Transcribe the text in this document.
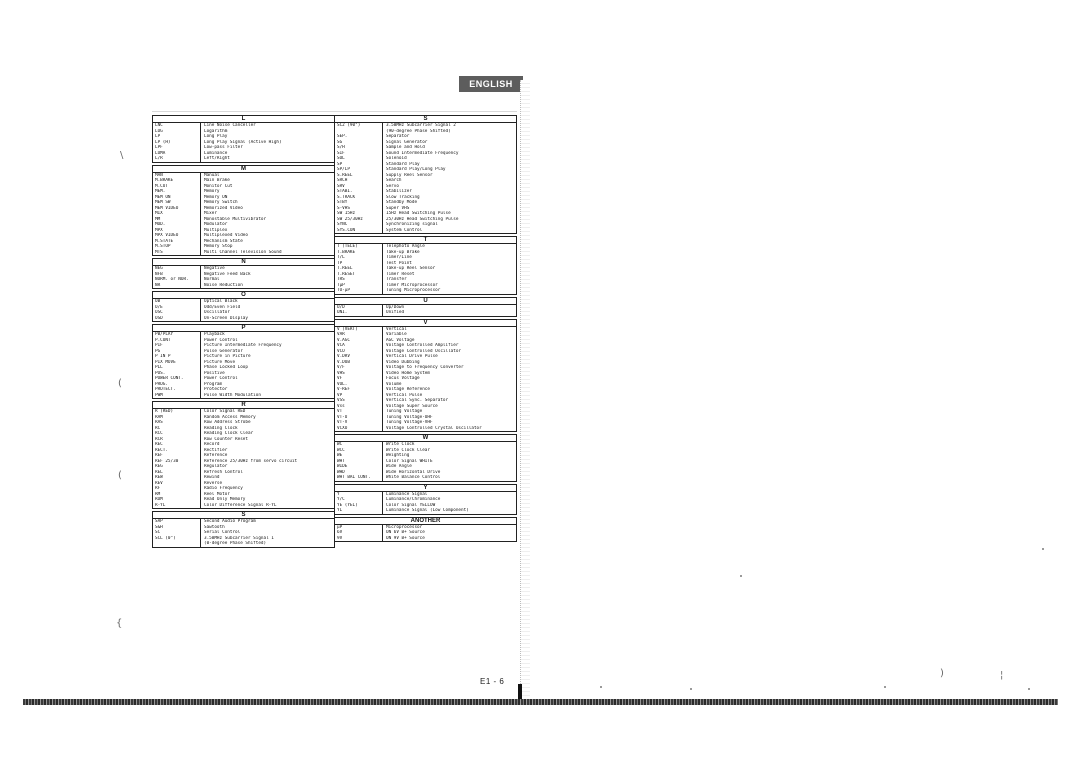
ENGLISH
L
LNC	Line Noise Canceller
LOG	Logarithm
LP	Long Play
LP (H)	Long Play Signal (Active High)
LPF	Low-pass Filter
LUMA	Luminance
L/R	Left/Right
M
MAN	Manual
M.BRAKE	Main Brake
M.CUT	Monitor Cut
MEM.	Memory
MEM ON	Memory ON
MEM SW	Memory Switch
MEM VIDEO	Memorized Video
MIX	Mixer
MM	Monostable Multivibrator
MOD.	Modulator
MPX	Multiplex
MPX VIDEO	Multiplexed Video
M.STATE	Mechanism State
M.STOP	Memory Stop
MTS	Multi Channel Television Sound
N
NEG	Negative
NFB	Negative Feed Back
NORM. or NOR.	Normal
NR	Noise Reduction
O
OB	Optical Black
O/E	Odd/Even Field
OSC	Oscillator
OSD	On-Screen Display
P
PB/PLAY	Playback
P.CONT	Power Control
PIF	Picture Intermediate Frequency
PG	Pulse Generator
P IN P	Picture in Picture
PIX MOVE	Picture Move
PLL	Phase Locked Loop
POS.	Positive
POWER CONT.	Power Control
PROG.	Program
PROTECT.	Protector
PWM	Pulse Width Modulation
R
R (RED)	Color Signal RED
RAM	Random Access Memory
RAS	Row Address Strobe
RC	Reading Clock
RCC	Reading Clock Clear
RCR	Row Counter Reset
REC	Record
RECT.	Rectifier
REF	Reference
REF 25/30	Reference 25/30Hz from servo circuit
REG	Regulator
REL	Refresh Control
REW	Rewind
REV	Reverse
RF	Radio Frequency
RM	Reel Motor
ROM	Read Only Memory
R-YL	Color Difference Signal R-YL
S
SAP	Second Audio Program
S&H	Sawtooth
SC	Serial Control
SCL (0°)	3.58MHz Subcarrier Signal 1
(0-degree Phase Shifted)
S
SC2 (90°)	3.58MHz Subcarrier Signal 2
(90-degree Phase Shifted)
SEP.	Separator
SG	Signal Generator
S/H	Sample and Hold
SIF	Sound Intermediate Frequency
SOL	Solenoid
SP	Standard Play
SP/LP	Standard Play/Long Play
S.REEL	Supply Reel Sensor
SRCH	Search
SRV	Servo
STABI.	Stabilizer
S.TRACK	Slow Tracking
STBY	Standby Mode
S-VHS	Super VHS
SW 15Hz	15Hz Head Switching Pulse
SW 25/30Hz	25/30Hz Head Switching Pulse
SYNC	Synchronizing signal
SYS.CON	System Control
T
T (TELE)	Telephoto Angle
T.BRAKE	Take-up Brake
T/L	Timer/Line
TP	Test Point
T.REEL	Take-up Reel Sensor
T.RESET	Timer Reset
TRS	Transfer
TµP	Timer Microprocessor
TU-µP	Tuning Microprocessor
U
U/D	Up/Down
UNI.	Unified
V
V (VERT)	Vertical
VAR	Variable
V.AGC	AGC Voltage
VCA	Voltage Controlled Amplifier
VCO	Voltage Controlled Oscillator
V.DRV	Vertical Drive Pulse
V.DUB	Video Dubbing
V/F	Voltage to Frequency Converter
VHS	Video Home System
VF	Focus Voltage
VOL.	Volume
V-REF	Voltage Reference
VP	Vertical Pulse
VSS	Vertical Sync. Separator
Vss	Voltage Super Source
VT	Tuning Voltage
VT-U	Tuning Voltage-UHF
VT-V	Tuning Voltage-VHF
VCXO	Voltage Controlled Crystal Oscillator
W
WC	Write Clock
WCC	Write Clock Clear
WE	Weighting
WHT	Color Signal WHITE
WIDE	Wide Angle
WHD	Wide Horizontal Drive
WHT BAL CONT.	White Balance Control
Y
Y	Luminance Signal
Y/C	Luminance/Chrominance
YE (YEL)	Color Signal YELLOW
YL	Luminance Signal (Low Component)
ANOTHER
µP	Microprocessor
6V	ON 6V B+ Source
9V	ON 9V B+ Source
E1 - 6
\
(
(
{
)	¦
